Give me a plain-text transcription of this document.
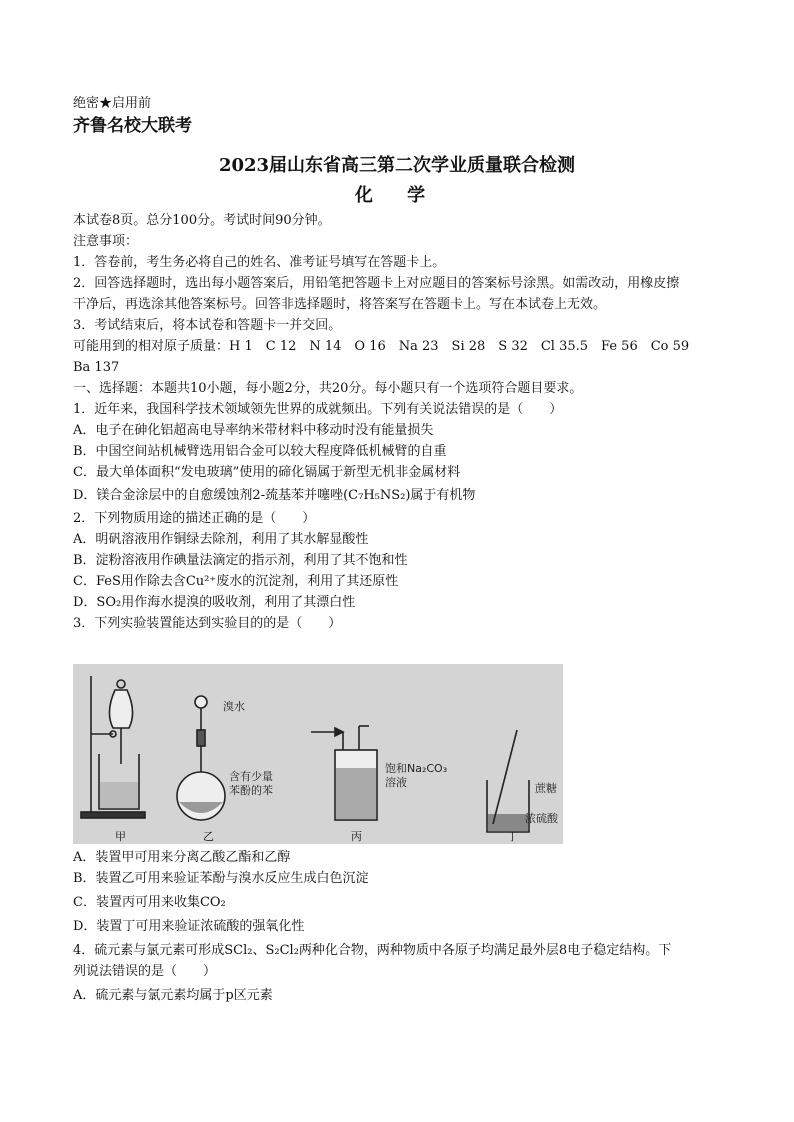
绝密★启用前
齐鲁名校大联考
2023届山东省高三第二次学业质量联合检测
化 学
本试卷8页。总分100分。考试时间90分钟。
注意事项：
1．答卷前，考生务必将自己的姓名、准考证号填写在答题卡上。
2．回答选择题时，选出每小题答案后，用铅笔把答题卡上对应题目的答案标号涂黑。如需改动，用橡皮擦
干净后，再选涂其他答案标号。回答非选择题时，将答案写在答题卡上。写在本试卷上无效。
3．考试结束后，将本试卷和答题卡一并交回。
可能用到的相对原子质量：H 1　C 12　N 14　O 16　Na 23　Si 28　S 32　Cl 35.5　Fe 56　Co 59
Ba 137
一、选择题：本题共10小题，每小题2分，共20分。每小题只有一个选项符合题目要求。
1．近年来，我国科学技术领域领先世界的成就频出。下列有关说法错误的是（　　）
A．电子在砷化铝超高电导率纳米带材料中移动时没有能量损失
B．中国空间站机械臂选用铝合金可以较大程度降低机械臂的自重
C．最大单体面积“发电玻璃”使用的碲化镉属于新型无机非金属材料
D．镁合金涂层中的自愈缓蚀剂2-巯基苯并噻唑(C₇H₅NS₂)属于有机物
2．下列物质用途的描述正确的是（　　）
A．明矾溶液用作铜绿去除剂，利用了其水解显酸性
B．淀粉溶液用作碘量法滴定的指示剂，利用了其不饱和性
C．FeS用作除去含Cu²⁺废水的沉淀剂，利用了其还原性
D．SO₂用作海水提溴的吸收剂，利用了其漂白性
3．下列实验装置能达到实验目的的是（　　）
甲
溴水
含有少量
苯酚的苯
乙
饱和Na₂CO₃
溶液
丙
蔗糖
浓硫酸
丁
A．装置甲可用来分离乙酸乙酯和乙醇
B．装置乙可用来验证苯酚与溴水反应生成白色沉淀
C．装置丙可用来收集CO₂
D．装置丁可用来验证浓硫酸的强氧化性
4．硫元素与氯元素可形成SCl₂、S₂Cl₂两种化合物，两种物质中各原子均满足最外层8电子稳定结构。下
列说法错误的是（　　）
A．硫元素与氯元素均属于p区元素
